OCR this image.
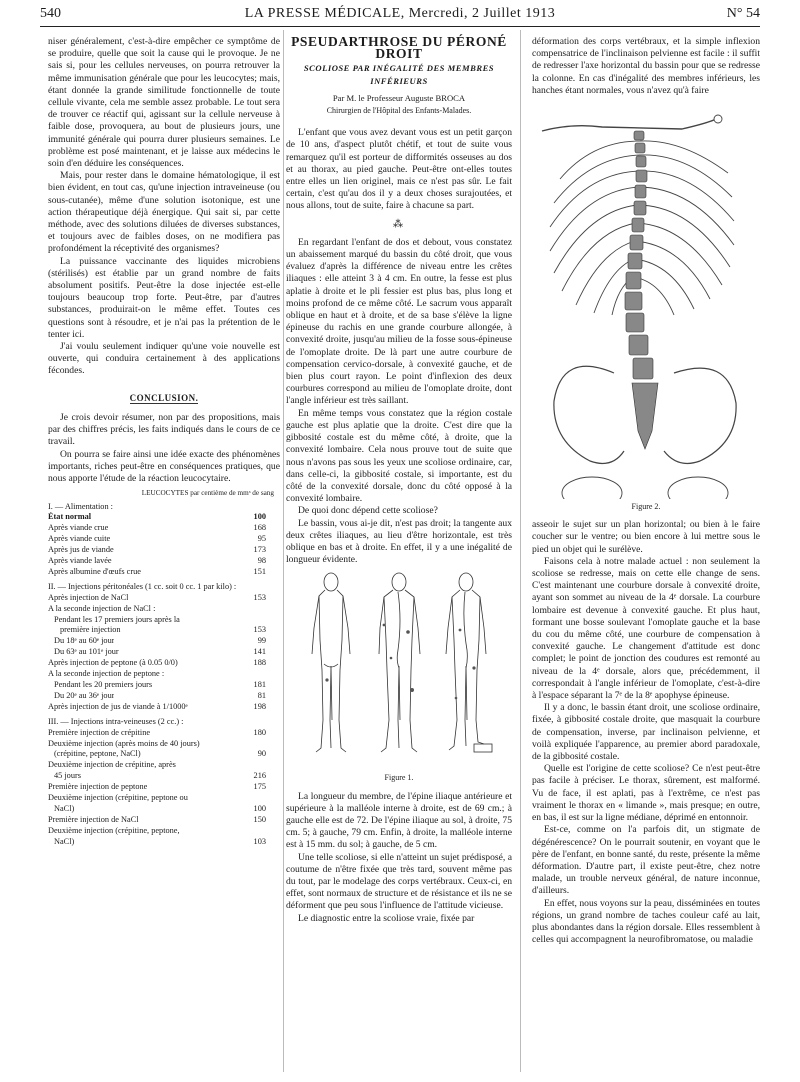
540	LA PRESSE MÉDICALE, Mercredi, 2 Juillet 1913	N° 54

niser généralement, c'est-à-dire empêcher ce symptôme de se produire, quelle que soit la cause qui le provoque. Je ne sais si, pour les cellules nerveuses, on pourra retrouver la même immunisation générale que pour les leucocytes; mais, étant donnée la grande similitude fonctionnelle de toute cellule vivante, cela me semble assez probable. Le tout sera de trouver ce réactif qui, agissant sur la cellule nerveuse à faible dose, provoquera, au bout de plusieurs jours, une immunité générale qui pourra durer plusieurs semaines. Le problème est posé maintenant, et je laisse aux médecins le soin d'en déduire les conséquences.

Mais, pour rester dans le domaine hématologique, il est bien évident, en tout cas, qu'une injection intraveineuse (ou sous-cutanée), même d'une solution isotonique, est une action thérapeutique déjà énergique. Qui sait si, par cette méthode, avec des solutions diluées de diverses substances, et toujours avec de faibles doses, on ne modifiera pas profondément la réceptivité des organismes?

La puissance vaccinante des liquides microbiens (stérilisés) est établie par un grand nombre de faits absolument positifs. Peut-être la dose injectée est-elle toujours beaucoup trop forte. Peut-être, par d'autres substances, produirait-on le même effet. Toutes ces questions sont à résoudre, et je n'ai pas la prétention de le tenter ici.

J'ai voulu seulement indiquer qu'une voie nouvelle est ouverte, qui conduira certainement à des applications fécondes.

CONCLUSION.

Je crois devoir résumer, non par des propositions, mais par des chiffres précis, les faits indiqués dans le cours de ce travail.

On pourra se faire ainsi une idée exacte des phénomènes importants, riches peut-être en conséquences pratiques, que nous apporte l'étude de la réaction leucocytaire.

LEUCOCYTES par centième de mmᶟ de sang
I. — Alimentation :
État normal	100
Après viande crue	168
Après viande cuite	95
Après jus de viande	173
Après viande lavée	98
Après albumine d'œufs crue	151
II. — Injections péritonéales (1 cc. soit 0 cc. 1 par kilo) :
Après injection de NaCl	153
A la seconde injection de NaCl :
Pendant les 17 premiers jours après la
première injection	153
Du 18ᵉ au 60ᵉ jour	99
Du 63ᵉ au 101ᵉ jour	141
Après injection de peptone (à 0.05 0/0)	188
A la seconde injection de peptone :
Pendant les 20 premiers jours	181
Du 20ᵉ au 36ᵉ jour	81
Après injection de jus de viande à 1/1000ᵉ	198
III. — Injections intra-veineuses (2 cc.) :
Première injection de crépitine	180
Deuxième injection (après moins de 40 jours)
(crépitine, peptone, NaCl)	90
Deuxième injection de crépitine, après
45 jours	216
Première injection de peptone	175
Deuxième injection (crépitine, peptone ou
NaCl)	100
Première injection de NaCl	150
Deuxième injection (crépitine, peptone,
NaCl)	103
PSEUDARTHROSE DU PÉRONÉ DROIT
SCOLIOSE PAR INÉGALITÉ DES MEMBRES INFÉRIEURS
Par M. le Professeur Auguste BROCA
Chirurgien de l'Hôpital des Enfants-Malades.

L'enfant que vous avez devant vous est un petit garçon de 10 ans, d'aspect plutôt chétif, et tout de suite vous remarquez qu'il est porteur de difformités osseuses au dos et au thorax, au pied gauche. Peut-être ont-elles toutes entre elles un lien originel, mais ce n'est pas sûr. Le fait certain, c'est qu'au dos il y a deux choses surajoutées, et nous allons, tout de suite, faire à chacune sa part.

⁂

En regardant l'enfant de dos et debout, vous constatez un abaissement marqué du bassin du côté droit, que vous évaluez d'après la différence de niveau entre les crêtes iliaques : elle atteint 3 à 4 cm. En outre, la fesse est plus aplatie à droite et le pli fessier est plus bas, plus long et moins profond de ce même côté. Le sacrum vous apparaît oblique en haut et à droite, et de sa base s'élève la ligne épineuse du rachis en une grande courbure allongée, à convexité droite, jusqu'au milieu de la fosse sous-épineuse de l'omoplate droite. De là part une autre courbure de compensation cervico-dorsale, à convexité gauche, et de bien plus court rayon. Le point d'inflexion des deux courbures correspond au milieu de l'omoplate droite, dont l'angle inférieur est très saillant.

En même temps vous constatez que la région costale gauche est plus aplatie que la droite. C'est dire que la gibbosité costale est du même côté, à droite, que la convexité lombaire. Cela nous prouve tout de suite que nous n'avons pas sous les yeux une scoliose ordinaire, car, dans celle-ci, la gibbosité costale, si importante, est du côté de la convexité dorsale, donc du côté opposé à la convexité lombaire.

De quoi donc dépend cette scoliose?

Le bassin, vous ai-je dit, n'est pas droit; la tangente aux deux crêtes iliaques, au lieu d'être horizontale, est très oblique en bas et à droite. En effet, il y a une inégalité de longueur évidente.

Figure 1.

La longueur du membre, de l'épine iliaque antérieure et supérieure à la malléole interne à droite, est de 69 cm.; à gauche elle est de 72. De l'épine iliaque au sol, à droite, 75 cm. 5; à gauche, 79 cm. Enfin, à droite, la malléole interne est à 15 mm. du sol; à gauche, de 5 cm.

Une telle scoliose, si elle n'atteint un sujet prédisposé, a coutume de n'être fixée que très tard, souvent même pas du tout, par le modelage des corps vertébraux. Ceux-ci, en effet, sont normaux de structure et de résistance et ils ne se déforment que peu sous l'influence de l'attitude vicieuse.

Le diagnostic entre la scoliose vraie, fixée par

déformation des corps vertébraux, et la simple inflexion compensatrice de l'inclinaison pelvienne est facile : il suffit de redresser l'axe horizontal du bassin pour que se redresse la colonne. En cas d'inégalité des membres inférieurs, les hanches étant normales, vous n'avez qu'à faire

Figure 2.

asseoir le sujet sur un plan horizontal; ou bien à le faire coucher sur le ventre; ou bien encore à lui mettre sous le pied un objet qui le surélève.

Faisons cela à notre malade actuel : non seulement la scoliose se redresse, mais on cette elle change de sens. C'est maintenant une courbure dorsale à convexité droite, ayant son sommet au niveau de la 4ᵉ dorsale. La courbure lombaire est devenue à convexité gauche. Et plus haut, formant une bosse soulevant l'omoplate gauche et la base du cou du même côté, une courbure de compensation à convexité gauche. Le changement d'attitude est donc complet; le point de jonction des coudures est remonté au niveau de la 4ᵉ dorsale, alors que, précédemment, il correspondait à l'angle inférieur de l'omoplate, c'est-à-dire à l'espace séparant la 7ᵉ de la 8ᵉ apophyse épineuse.

Il y a donc, le bassin étant droit, une scoliose ordinaire, fixée, à gibbosité costale droite, que masquait la courbure de compensation, inverse, par inclinaison pelvienne, et voilà expliquée l'apparence, au premier abord paradoxale, de la gibbosité costale.

Quelle est l'origine de cette scoliose? Ce n'est peut-être pas facile à préciser. Le thorax, sûrement, est malformé. Vu de face, il est aplati, pas à l'extrême, ce n'est pas vraiment le thorax en « limande », mais presque; en outre, en bas, il est sur la ligne médiane, déprimé en entonnoir.

Est-ce, comme on l'a parfois dit, un stigmate de dégénérescence? On le pourrait soutenir, en voyant que le père de l'enfant, en bonne santé, du reste, présente la même déformation. D'autre part, il existe peut-être, chez notre malade, un trouble nerveux général, de nature inconnue, d'ailleurs.

En effet, nous voyons sur la peau, disséminées en toutes régions, un grand nombre de taches couleur café au lait, plus abondantes dans la région dorsale. Elles ressemblent à celles qui accompagnent la neurofibromatose, ou maladie
